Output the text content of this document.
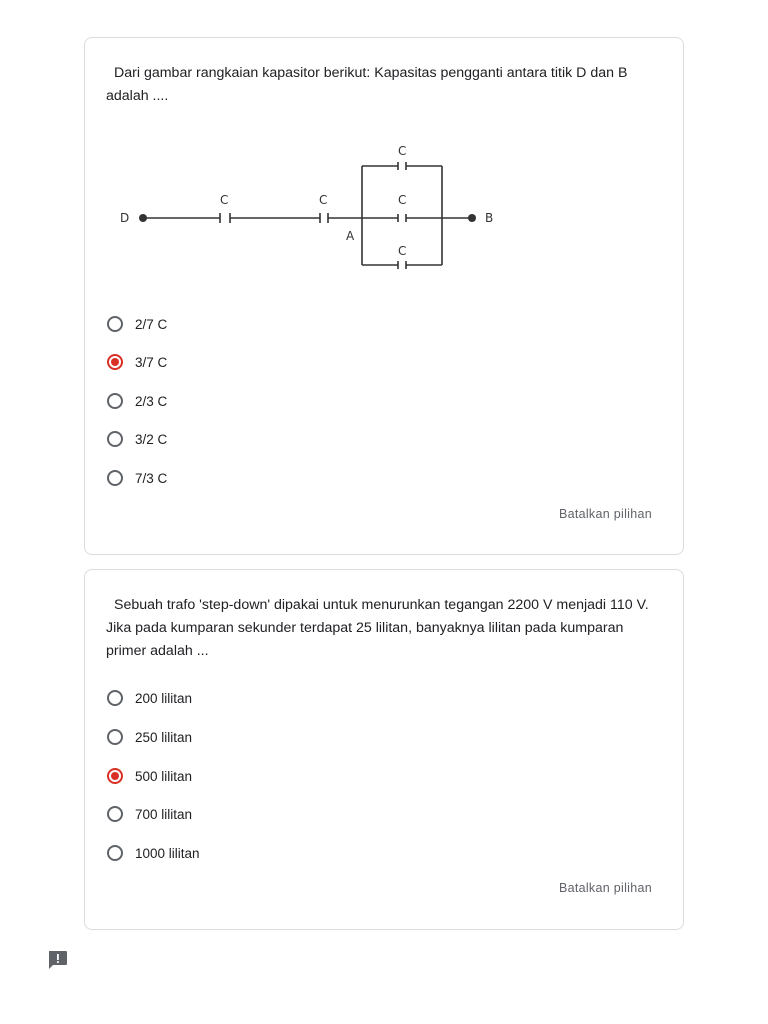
Dari gambar rangkaian kapasitor berikut: Kapasitas pengganti antara titik D dan B adalah ....

D
A
B
C	C
C
C
C
2/7 C
3/7 C
2/3 C
3/2 C
7/3 C
Batalkan pilihan

Sebuah trafo 'step-down' dipakai untuk menurunkan tegangan 2200 V menjadi 110 V. Jika pada kumparan sekunder terdapat 25 lilitan, banyaknya lilitan pada kumparan primer adalah ...

200 lilitan
250 lilitan
500 lilitan
700 lilitan
1000 lilitan
Batalkan pilihan
